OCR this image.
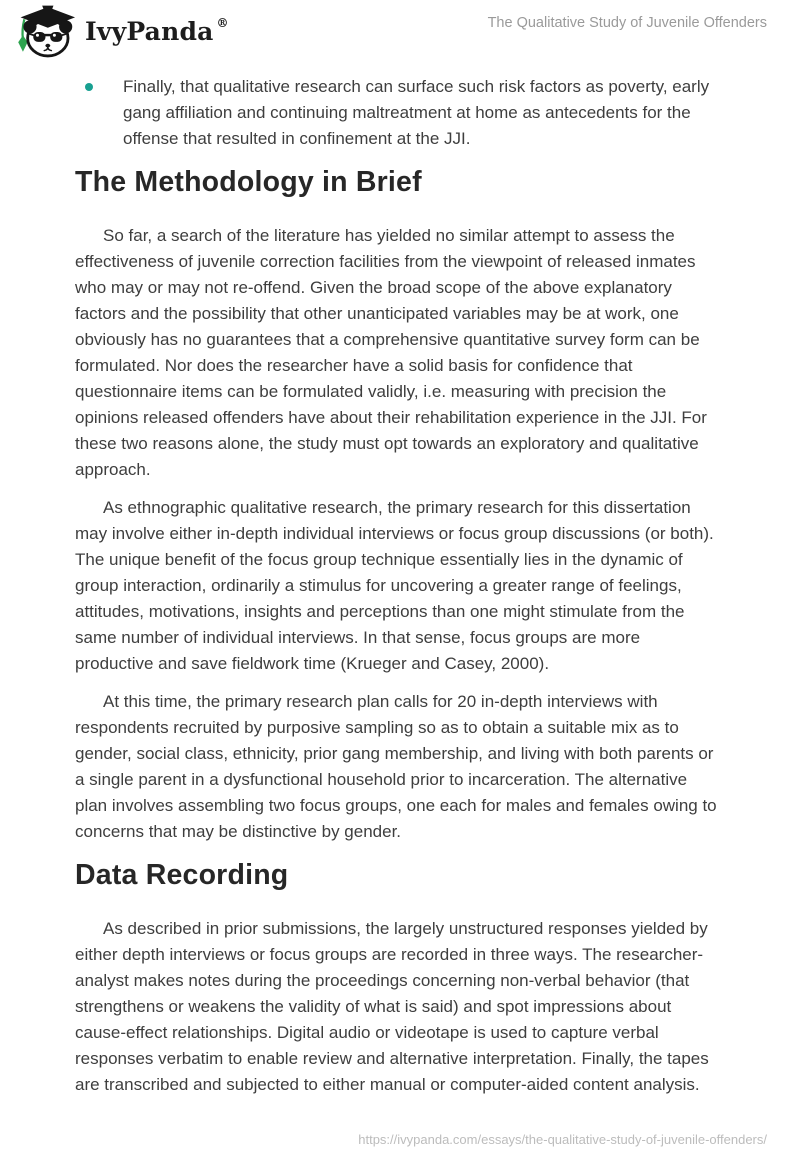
IvyPanda ®	The Qualitative Study of Juvenile Offenders
Finally, that qualitative research can surface such risk factors as poverty, early gang affiliation and continuing maltreatment at home as antecedents for the offense that resulted in confinement at the JJI.
The Methodology in Brief

So far, a search of the literature has yielded no similar attempt to assess the effectiveness of juvenile correction facilities from the viewpoint of released inmates who may or may not re-offend. Given the broad scope of the above explanatory factors and the possibility that other unanticipated variables may be at work, one obviously has no guarantees that a comprehensive quantitative survey form can be formulated. Nor does the researcher have a solid basis for confidence that questionnaire items can be formulated validly, i.e. measuring with precision the opinions released offenders have about their rehabilitation experience in the JJI. For these two reasons alone, the study must opt towards an exploratory and qualitative approach.

As ethnographic qualitative research, the primary research for this dissertation may involve either in-depth individual interviews or focus group discussions (or both). The unique benefit of the focus group technique essentially lies in the dynamic of group interaction, ordinarily a stimulus for uncovering a greater range of feelings, attitudes, motivations, insights and perceptions than one might stimulate from the same number of individual interviews. In that sense, focus groups are more productive and save fieldwork time (Krueger and Casey, 2000).

At this time, the primary research plan calls for 20 in-depth interviews with respondents recruited by purposive sampling so as to obtain a suitable mix as to gender, social class, ethnicity, prior gang membership, and living with both parents or a single parent in a dysfunctional household prior to incarceration. The alternative plan involves assembling two focus groups, one each for males and females owing to concerns that may be distinctive by gender.

Data Recording

As described in prior submissions, the largely unstructured responses yielded by either depth interviews or focus groups are recorded in three ways. The researcher-analyst makes notes during the proceedings concerning non-verbal behavior (that strengthens or weakens the validity of what is said) and spot impressions about cause-effect relationships. Digital audio or videotape is used to capture verbal responses verbatim to enable review and alternative interpretation. Finally, the tapes are transcribed and subjected to either manual or computer-aided content analysis.

https://ivypanda.com/essays/the-qualitative-study-of-juvenile-offenders/
